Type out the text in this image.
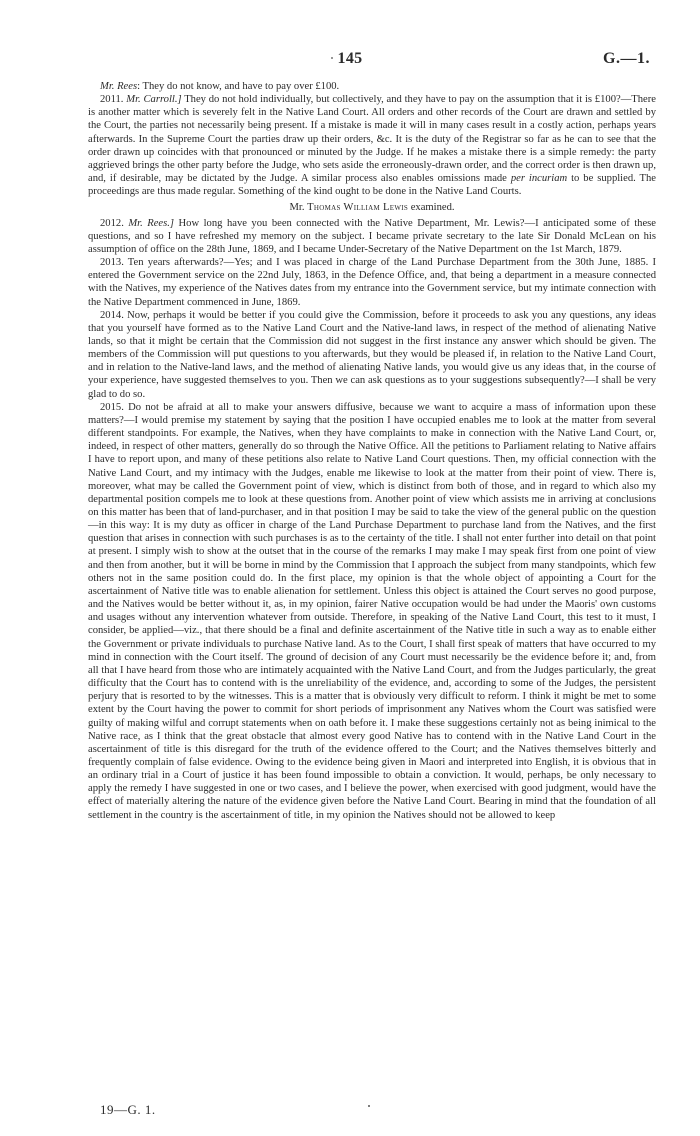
145	G.—1.

Mr. Rees: They do not know, and have to pay over £100.

2011. Mr. Carroll.] They do not hold individually, but collectively, and they have to pay on the assumption that it is £100?—There is another matter which is severely felt in the Native Land Court. All orders and other records of the Court are drawn and settled by the Court, the parties not necessarily being present. If a mistake is made it will in many cases result in a costly action, perhaps years afterwards. In the Supreme Court the parties draw up their orders, &c. It is the duty of the Registrar so far as he can to see that the order drawn up coincides with that pronounced or minuted by the Judge. If he makes a mistake there is a simple remedy: the party aggrieved brings the other party before the Judge, who sets aside the erroneously-drawn order, and the correct order is then drawn up, and, if desirable, may be dictated by the Judge. A similar process also enables omissions made per incuriam to be supplied. The proceedings are thus made regular. Something of the kind ought to be done in the Native Land Courts.

Mr. Thomas William Lewis examined.

2012. Mr. Rees.] How long have you been connected with the Native Department, Mr. Lewis?—I anticipated some of these questions, and so I have refreshed my memory on the subject. I became private secretary to the late Sir Donald McLean on his assumption of office on the 28th June, 1869, and I became Under-Secretary of the Native Department on the 1st March, 1879.

2013. Ten years afterwards?—Yes; and I was placed in charge of the Land Purchase Department from the 30th June, 1885. I entered the Government service on the 22nd July, 1863, in the Defence Office, and, that being a department in a measure connected with the Natives, my experience of the Natives dates from my entrance into the Government service, but my intimate connection with the Native Department commenced in June, 1869.

2014. Now, perhaps it would be better if you could give the Commission, before it proceeds to ask you any questions, any ideas that you yourself have formed as to the Native Land Court and the Native-land laws, in respect of the method of alienating Native lands, so that it might be certain that the Commission did not suggest in the first instance any answer which should be given. The members of the Commission will put questions to you afterwards, but they would be pleased if, in relation to the Native Land Court, and in relation to the Native-land laws, and the method of alienating Native lands, you would give us any ideas that, in the course of your experience, have suggested themselves to you. Then we can ask questions as to your suggestions subsequently?—I shall be very glad to do so.

2015. Do not be afraid at all to make your answers diffusive, because we want to acquire a mass of information upon these matters?—I would premise my statement by saying that the position I have occupied enables me to look at the matter from several different standpoints. For example, the Natives, when they have complaints to make in connection with the Native Land Court, or, indeed, in respect of other matters, generally do so through the Native Office. All the petitions to Parliament relating to Native affairs I have to report upon, and many of these petitions also relate to Native Land Court questions. Then, my official connection with the Native Land Court, and my intimacy with the Judges, enable me likewise to look at the matter from their point of view. There is, moreover, what may be called the Government point of view, which is distinct from both of those, and in regard to which also my departmental position compels me to look at these questions from. Another point of view which assists me in arriving at conclusions on this matter has been that of land-purchaser, and in that position I may be said to take the view of the general public on the question—in this way: It is my duty as officer in charge of the Land Purchase Department to purchase land from the Natives, and the first question that arises in connection with such purchases is as to the certainty of the title. I shall not enter further into detail on that point at present. I simply wish to show at the outset that in the course of the remarks I may make I may speak first from one point of view and then from another, but it will be borne in mind by the Commission that I approach the subject from many standpoints, which few others not in the same position could do. In the first place, my opinion is that the whole object of appointing a Court for the ascertainment of Native title was to enable alienation for settlement. Unless this object is attained the Court serves no good purpose, and the Natives would be better without it, as, in my opinion, fairer Native occupation would be had under the Maoris' own customs and usages without any intervention whatever from outside. Therefore, in speaking of the Native Land Court, this test to it must, I consider, be applied—viz., that there should be a final and definite ascertainment of the Native title in such a way as to enable either the Government or private individuals to purchase Native land. As to the Court, I shall first speak of matters that have occurred to my mind in connection with the Court itself. The ground of decision of any Court must necessarily be the evidence before it; and, from all that I have heard from those who are intimately acquainted with the Native Land Court, and from the Judges particularly, the great difficulty that the Court has to contend with is the unreliability of the evidence, and, according to some of the Judges, the persistent perjury that is resorted to by the witnesses. This is a matter that is obviously very difficult to reform. I think it might be met to some extent by the Court having the power to commit for short periods of imprisonment any Natives whom the Court was satisfied were guilty of making wilful and corrupt statements when on oath before it. I make these suggestions certainly not as being inimical to the Native race, as I think that the great obstacle that almost every good Native has to contend with in the Native Land Court in the ascertainment of title is this disregard for the truth of the evidence offered to the Court; and the Natives themselves bitterly and frequently complain of false evidence. Owing to the evidence being given in Maori and interpreted into English, it is obvious that in an ordinary trial in a Court of justice it has been found impossible to obtain a conviction. It would, perhaps, be only necessary to apply the remedy I have suggested in one or two cases, and I believe the power, when exercised with good judgment, would have the effect of materially altering the nature of the evidence given before the Native Land Court. Bearing in mind that the foundation of all settlement in the country is the ascertainment of title, in my opinion the Natives should not be allowed to keep

19—G. 1.
